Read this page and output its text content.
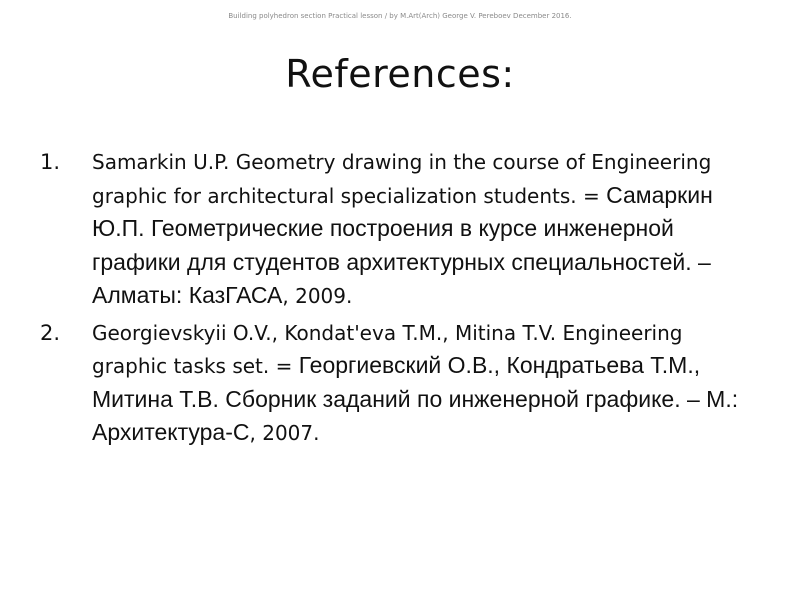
Building polyhedron section Practical lesson / by M.Art(Arch) George V. Pereboev December 2016.
References:
1. Samarkin U.P. Geometry drawing in the course of Engineering graphic for architectural specialization students. = Самаркин Ю.П. Геометрические построения в курсе инженерной графики для студентов архитектурных специальностей. – Алматы: КазГАСА, 2009.
2. Georgievskyii O.V., Kondat'eva T.M., Mitina T.V. Engineering graphic tasks set. = Георгиевский О.В., Кондратьева Т.М., Митина Т.В. Сборник заданий по инженерной графике. – М.: Архитектура-С, 2007.
